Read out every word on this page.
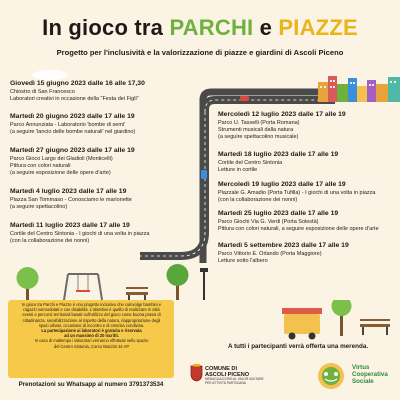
In gioco tra PARCHI e PIAZZE
Progetto per l'inclusività e la valorizzazione di piazze e giardini di Ascoli Piceno
Giovedì 15 giugno 2023 dalle 16 alle 17,30
Chiostro di San Francesco
Laboratori creativi in occasione della "Festa dei Figli"
Martedì 20 giugno 2023 dalle 17 alle 19
Parco Annunziata - Laboratorio 'bombe di semi'
(a seguire 'lancio delle bombe naturali' nel giardino)
Martedì 27 giugno 2023 dalle 17 alle 19
Parco Gioco Largo dei Gladioli (Monticelli)
Pittura con colori naturali
(a seguire esposizione delle opere d'arte)
Martedì 4 luglio 2023 dalle 17 alle 19
Piazza San Tommaso - Conosciamo le marionette
(a seguire spettacolino)
Martedì 11 luglio 2023 dalle 17 alle 19
Cortile del Centro Sintonia - I giochi di una volta in piazza
(con la collaborazione dei nonni)
Mercoledì 12 luglio 2023 dalle 17 alle 19
Parco U. Tasselli (Porta Romana)
Strumenti musicali dalla natura
(a seguire spettacolino musicale)
Martedì 18 luglio 2023 dalle 17 alle 19
Cortile del Centro Sintonia
Letture in cortile
Mercoledì 19 luglio 2023 dalle 17 alle 19
Piazzale G. Amadio (Porta Tufilla) - I giochi di una volta in piazza
(con la collaborazione dei nonni)
Martedì 25 luglio 2023 dalle 17 alle 19
Parco Giochi Via G. Verdi (Porta Solestà)
Pittura con colori naturali, a seguire esposizione delle opere d'arte
Martedì 5 settembre 2023 dalle 17 alle 19
Parco Vittorio E. Orlando (Porta Maggiore)
Letture sotto l'albero
In gioco tra Parchi e Piazze è uno progetto inclusivo che coinvolge bambini e
ragazzi normodotati e con disabilità. L'obiettivo è quello di realizzare in città
eventi e percorsi territoriali basati sull'utilizzo del gioco come buona prassi di
cittadinanza, sensibilizzazione al rispetto della natura, riappropriazione degli
spazi urbani, occasione di incontro e di crescita condivisa.
La partecipazione ai laboratori è gratuita e riservata
ad un massimo di 20 iscritti.
In caso di maltempo i laboratori verranno effettuati nello spazio
del Centro Sintonia, Corso Mazzini 34 AP
Prenotazioni su Whatsapp al numero 3791373534
A tutti i partecipanti verrà offerta una merenda.
COMUNE DI
ASCOLI PICENO
MEDAGLIA D'ORO AL VALOR MILITARE
PER ATTIVITÀ PARTIGIANA
Virtus
Cooperativa
Sociale
